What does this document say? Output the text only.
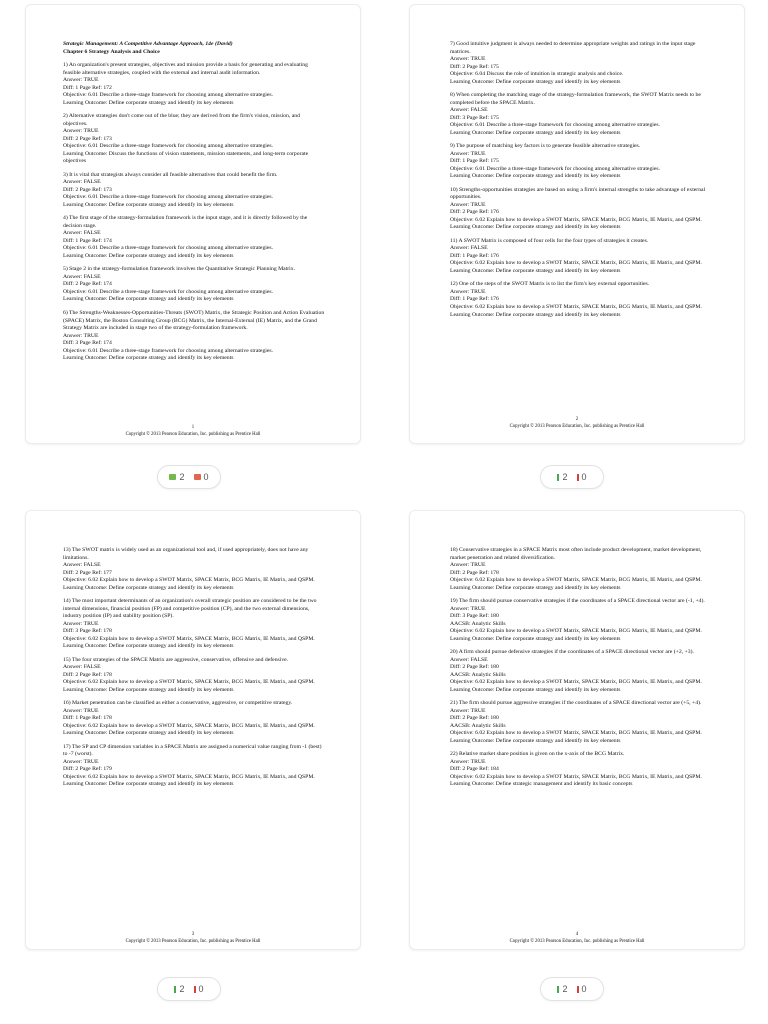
Strategic Management: A Competitive Advantage Approach, 14e (David)
Chapter 6 Strategy Analysis and Choice
1) An organization's present strategies, objectives and mission provide a basis for generating and evaluating feasible alternative strategies, coupled with the external and internal audit information.
Answer: TRUE
Diff: 1 Page Ref: 172
Objective: 6.01 Describe a three-stage framework for choosing among alternative strategies.
Learning Outcome: Define corporate strategy and identify its key elements
2) Alternative strategies don't come out of the blue; they are derived from the firm's vision, mission, and objectives.
Answer: TRUE
Diff: 2 Page Ref: 173
Objective: 6.01 Describe a three-stage framework for choosing among alternative strategies.
Learning Outcome: Discuss the functions of vision statements, mission statements, and long-term corporate objectives
3) It is vital that strategists always consider all feasible alternatives that could benefit the firm.
Answer: FALSE
Diff: 2 Page Ref: 173
Objective: 6.01 Describe a three-stage framework for choosing among alternative strategies.
Learning Outcome: Define corporate strategy and identify its key elements
4) The first stage of the strategy-formulation framework is the input stage, and it is directly followed by the decision stage.
Answer: FALSE
Diff: 1 Page Ref: 174
Objective: 6.01 Describe a three-stage framework for choosing among alternative strategies.
Learning Outcome: Define corporate strategy and identify its key elements
5) Stage 2 in the strategy-formulation framework involves the Quantitative Strategic Planning Matrix.
Answer: FALSE
Diff: 2 Page Ref: 174
Objective: 6.01 Describe a three-stage framework for choosing among alternative strategies.
Learning Outcome: Define corporate strategy and identify its key elements
6) The Strengths-Weaknesses-Opportunities-Threats (SWOT) Matrix, the Strategic Position and Action Evaluation (SPACE) Matrix, the Boston Consulting Group (BCG) Matrix, the Internal-External (IE) Matrix, and the Grand Strategy Matrix are included in stage two of the strategy-formulation framework.
Answer: TRUE
Diff: 3 Page Ref: 174
Objective: 6.01 Describe a three-stage framework for choosing among alternative strategies.
Learning Outcome: Define corporate strategy and identify its key elements
1
Copyright © 2013 Pearson Education, Inc. publishing as Prentice Hall
2 0
7) Good intuitive judgment is always needed to determine appropriate weights and ratings in the input stage matrices.
Answer: TRUE
Diff: 2 Page Ref: 175
Objective: 6.04 Discuss the role of intuition in strategic analysis and choice.
Learning Outcome: Define corporate strategy and identify its key elements
8) When completing the matching stage of the strategy-formulation framework, the SWOT Matrix needs to be completed before the SPACE Matrix.
Answer: FALSE
Diff: 3 Page Ref: 175
Objective: 6.01 Describe a three-stage framework for choosing among alternative strategies.
Learning Outcome: Define corporate strategy and identify its key elements
9) The purpose of matching key factors is to generate feasible alternative strategies.
Answer: TRUE
Diff: 1 Page Ref: 175
Objective: 6.01 Describe a three-stage framework for choosing among alternative strategies.
Learning Outcome: Define corporate strategy and identify its key elements
10) Strengths-opportunities strategies are based on using a firm's internal strengths to take advantage of external opportunities.
Answer: TRUE
Diff: 2 Page Ref: 176
Objective: 6.02 Explain how to develop a SWOT Matrix, SPACE Matrix, BCG Matrix, IE Matrix, and QSPM.
Learning Outcome: Define corporate strategy and identify its key elements
11) A SWOT Matrix is composed of four cells for the four types of strategies it creates.
Answer: FALSE
Diff: 1 Page Ref: 176
Objective: 6.02 Explain how to develop a SWOT Matrix, SPACE Matrix, BCG Matrix, IE Matrix, and QSPM.
Learning Outcome: Define corporate strategy and identify its key elements
12) One of the steps of the SWOT Matrix is to list the firm's key external opportunities.
Answer: TRUE
Diff: 1 Page Ref: 176
Objective: 6.02 Explain how to develop a SWOT Matrix, SPACE Matrix, BCG Matrix, IE Matrix, and QSPM.
Learning Outcome: Define corporate strategy and identify its key elements
2
Copyright © 2013 Pearson Education, Inc. publishing as Prentice Hall
2 0
13) The SWOT matrix is widely used as an organizational tool and, if used appropriately, does not have any limitations.
Answer: FALSE
Diff: 2 Page Ref: 177
Objective: 6.02 Explain how to develop a SWOT Matrix, SPACE Matrix, BCG Matrix, IE Matrix, and QSPM.
Learning Outcome: Define corporate strategy and identify its key elements
14) The most important determinants of an organization's overall strategic position are considered to be the two internal dimensions, financial position (FP) and competitive position (CP), and the two external dimensions, industry position (IP) and stability position (SP).
Answer: TRUE
Diff: 3 Page Ref: 178
Objective: 6.02 Explain how to develop a SWOT Matrix, SPACE Matrix, BCG Matrix, IE Matrix, and QSPM.
Learning Outcome: Define corporate strategy and identify its key elements
15) The four strategies of the SPACE Matrix are aggressive, conservative, offensive and defensive.
Answer: FALSE
Diff: 2 Page Ref: 178
Objective: 6.02 Explain how to develop a SWOT Matrix, SPACE Matrix, BCG Matrix, IE Matrix, and QSPM.
Learning Outcome: Define corporate strategy and identify its key elements
16) Market penetration can be classified as either a conservative, aggressive, or competitive strategy.
Answer: TRUE
Diff: 1 Page Ref: 178
Objective: 6.02 Explain how to develop a SWOT Matrix, SPACE Matrix, BCG Matrix, IE Matrix, and QSPM.
Learning Outcome: Define corporate strategy and identify its key elements
17) The SP and CP dimension variables in a SPACE Matrix are assigned a numerical value ranging from -1 (best) to -7 (worst).
Answer: TRUE
Diff: 2 Page Ref: 179
Objective: 6.02 Explain how to develop a SWOT Matrix, SPACE Matrix, BCG Matrix, IE Matrix, and QSPM.
Learning Outcome: Define corporate strategy and identify its key elements
3
Copyright © 2013 Pearson Education, Inc. publishing as Prentice Hall
2 0
18) Conservative strategies in a SPACE Matrix most often include product development, market development, market penetration and related diversification.
Answer: TRUE
Diff: 2 Page Ref: 178
Objective: 6.02 Explain how to develop a SWOT Matrix, SPACE Matrix, BCG Matrix, IE Matrix, and QSPM.
Learning Outcome: Define corporate strategy and identify its key elements
19) The firm should pursue conservative strategies if the coordinates of a SPACE directional vector are (-1, +4).
Answer: TRUE
Diff: 3 Page Ref: 180
AACSB: Analytic Skills
Objective: 6.02 Explain how to develop a SWOT Matrix, SPACE Matrix, BCG Matrix, IE Matrix, and QSPM.
Learning Outcome: Define corporate strategy and identify its key elements
20) A firm should pursue defensive strategies if the coordinates of a SPACE directional vector are (+2, +3).
Answer: FALSE
Diff: 2 Page Ref: 180
AACSB: Analytic Skills
Objective: 6.02 Explain how to develop a SWOT Matrix, SPACE Matrix, BCG Matrix, IE Matrix, and QSPM.
Learning Outcome: Define corporate strategy and identify its key elements
21) The firm should pursue aggressive strategies if the coordinates of a SPACE directional vector are (+5, +4).
Answer: TRUE
Diff: 2 Page Ref: 180
AACSB: Analytic Skills
Objective: 6.02 Explain how to develop a SWOT Matrix, SPACE Matrix, BCG Matrix, IE Matrix, and QSPM.
Learning Outcome: Define corporate strategy and identify its key elements
22) Relative market share position is given on the x-axis of the BCG Matrix.
Answer: TRUE
Diff: 2 Page Ref: 184
Objective: 6.02 Explain how to develop a SWOT Matrix, SPACE Matrix, BCG Matrix, IE Matrix, and QSPM.
Learning Outcome: Define strategic management and identify its basic concepts
4
Copyright © 2013 Pearson Education, Inc. publishing as Prentice Hall
2 0
